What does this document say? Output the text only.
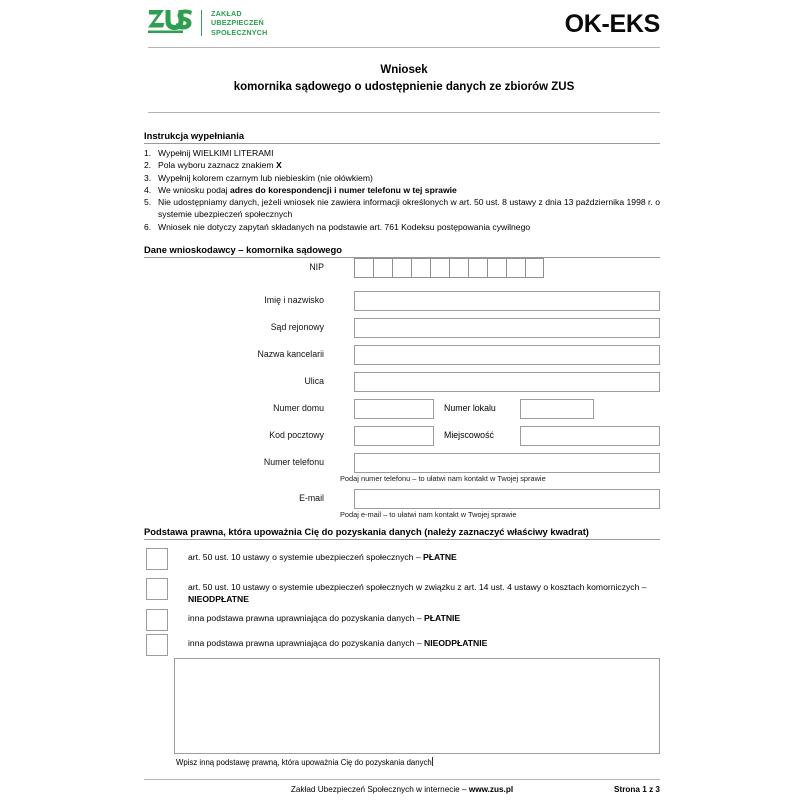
ZAKŁAD
UBEZPIECZEŃ
SPOŁECZNYCH	OK-EKS
Wniosek
komornika sądowego o udostępnienie danych ze zbiorów ZUS
Instrukcja wypełniania
1. Wypełnij WIELKIMI LITERAMI
2. Pola wyboru zaznacz znakiem X
3. Wypełnij kolorem czarnym lub niebieskim (nie ołówkiem)
4. We wniosku podaj adres do korespondencji i numer telefonu w tej sprawie
5. Nie udostępniamy danych, jeżeli wniosek nie zawiera informacji określonych w art. 50 ust. 8 ustawy z dnia 13 października 1998 r. o systemie ubezpieczeń społecznych
6. Wniosek nie dotyczy zapytań składanych na podstawie art. 761 Kodeksu postępowania cywilnego
Dane wnioskodawcy – komornika sądowego
NIP
Imię i nazwisko
Sąd rejonowy
Nazwa kancelarii
Ulica
Numer domu	Numer lokalu
Kod pocztowy	Miejscowość
Numer telefonu
Podaj numer telefonu – to ułatwi nam kontakt w Twojej sprawie
E-mail
Podaj e-mail – to ułatwi nam kontakt w Twojej sprawie
Podstawa prawna, która upoważnia Cię do pozyskania danych (należy zaznaczyć właściwy kwadrat)
art. 50 ust. 10 ustawy o systemie ubezpieczeń społecznych – PŁATNE
art. 50 ust. 10 ustawy o systemie ubezpieczeń społecznych w związku z art. 14 ust. 4 ustawy o kosztach komorniczych – NIEODPŁATNE
inna podstawa prawna uprawniająca do pozyskania danych – PŁATNIE
inna podstawa prawna uprawniająca do pozyskania danych – NIEODPŁATNIE
Wpisz inną podstawę prawną, która upoważnia Cię do pozyskania danych
Zakład Ubezpieczeń Społecznych w internecie – www.zus.pl	Strona 1 z 3
